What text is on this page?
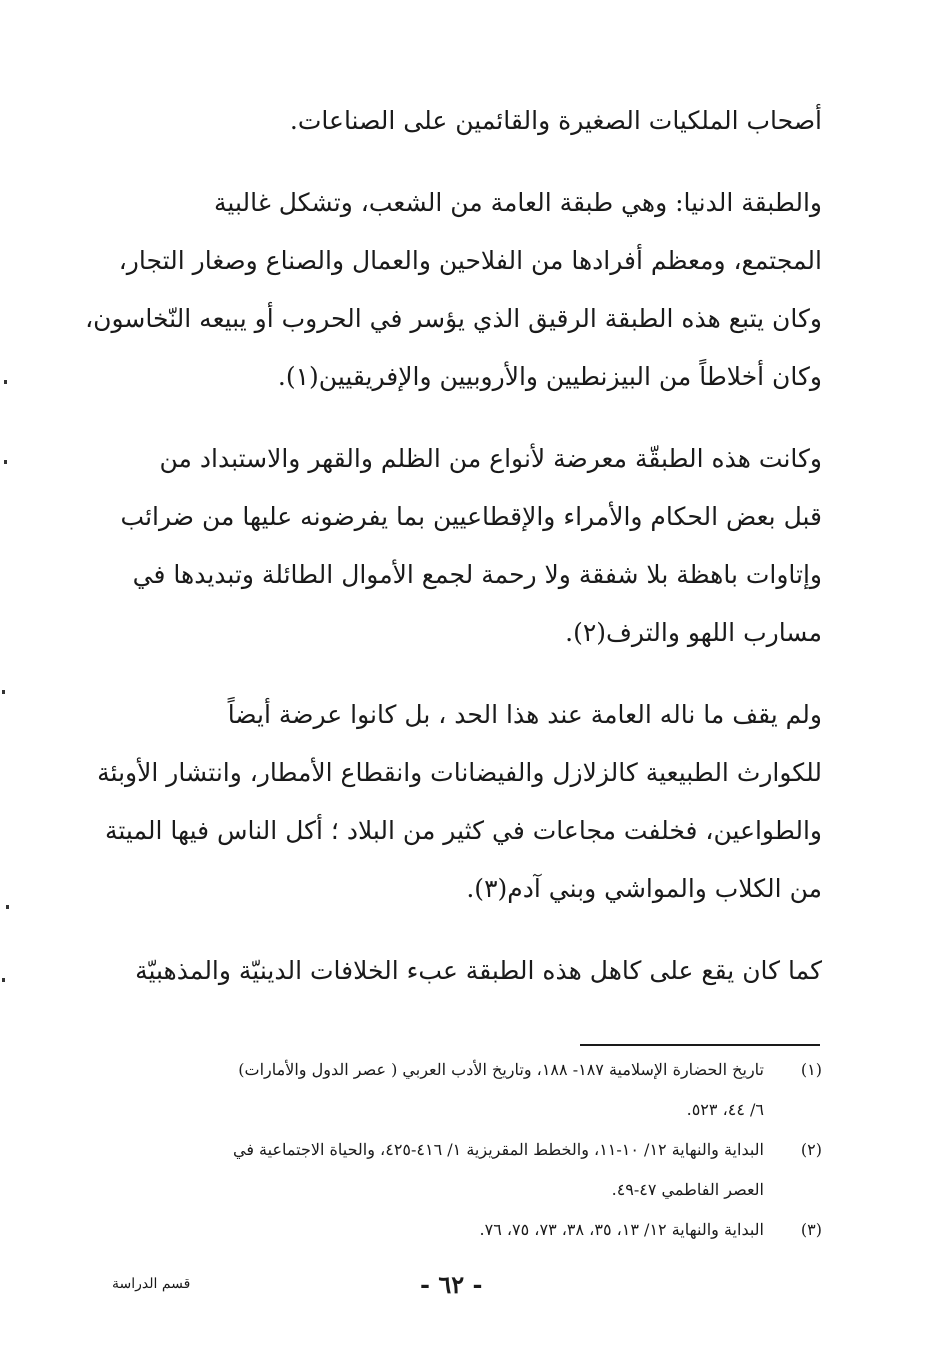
أصحاب الملكيات الصغيرة والقائمين على الصناعات.

والطبقة الدنيا: وهي طبقة العامة من الشعب، وتشكل غالبية
المجتمع، ومعظم أفرادها من الفلاحين والعمال والصناع وصغار التجار،
وكان يتبع هذه الطبقة الرقيق الذي يؤسر في الحروب أو يبيعه النّخاسون،
وكان أخلاطاً من البيزنطيين والأروبيين والإفريقيين(١).

وكانت هذه الطبقّة معرضة لأنواع من الظلم والقهر والاستبداد من
قبل بعض الحكام والأمراء والإقطاعيين بما يفرضونه عليها من ضرائب
وإتاوات باهظة بلا شفقة ولا رحمة لجمع الأموال الطائلة وتبديدها في
مسارب اللهو والترف(٢).

ولم يقف ما ناله العامة عند هذا الحد ، بل كانوا عرضة أيضاً
للكوارث الطبيعية كالزلازل والفيضانات وانقطاع الأمطار، وانتشار الأوبئة
والطواعين، فخلفت مجاعات في كثير من البلاد ؛ أكل الناس فيها الميتة
من الكلاب والمواشي وبني آدم(٣).

كما كان يقع على كاهل هذه الطبقة عبء الخلافات الدينيّة والمذهبيّة

(١)
تاريخ الحضارة الإسلامية ١٨٧- ١٨٨، وتاريخ الأدب العربي ( عصر الدول والأمارات)
٦/ ٤٤، ٥٢٣.
(٢)
البداية والنهاية ١٢/ ١٠-١١، والخطط المقريزية ١/ ٤١٦-٤٢٥، والحياة الاجتماعية في
العصر الفاطمي ٤٧-٤٩.
(٣)
البداية والنهاية ١٢/ ١٣، ٣٥، ٣٨، ٧٣، ٧٥، ٧٦.
- ٦٢ -
قسم الدراسة
